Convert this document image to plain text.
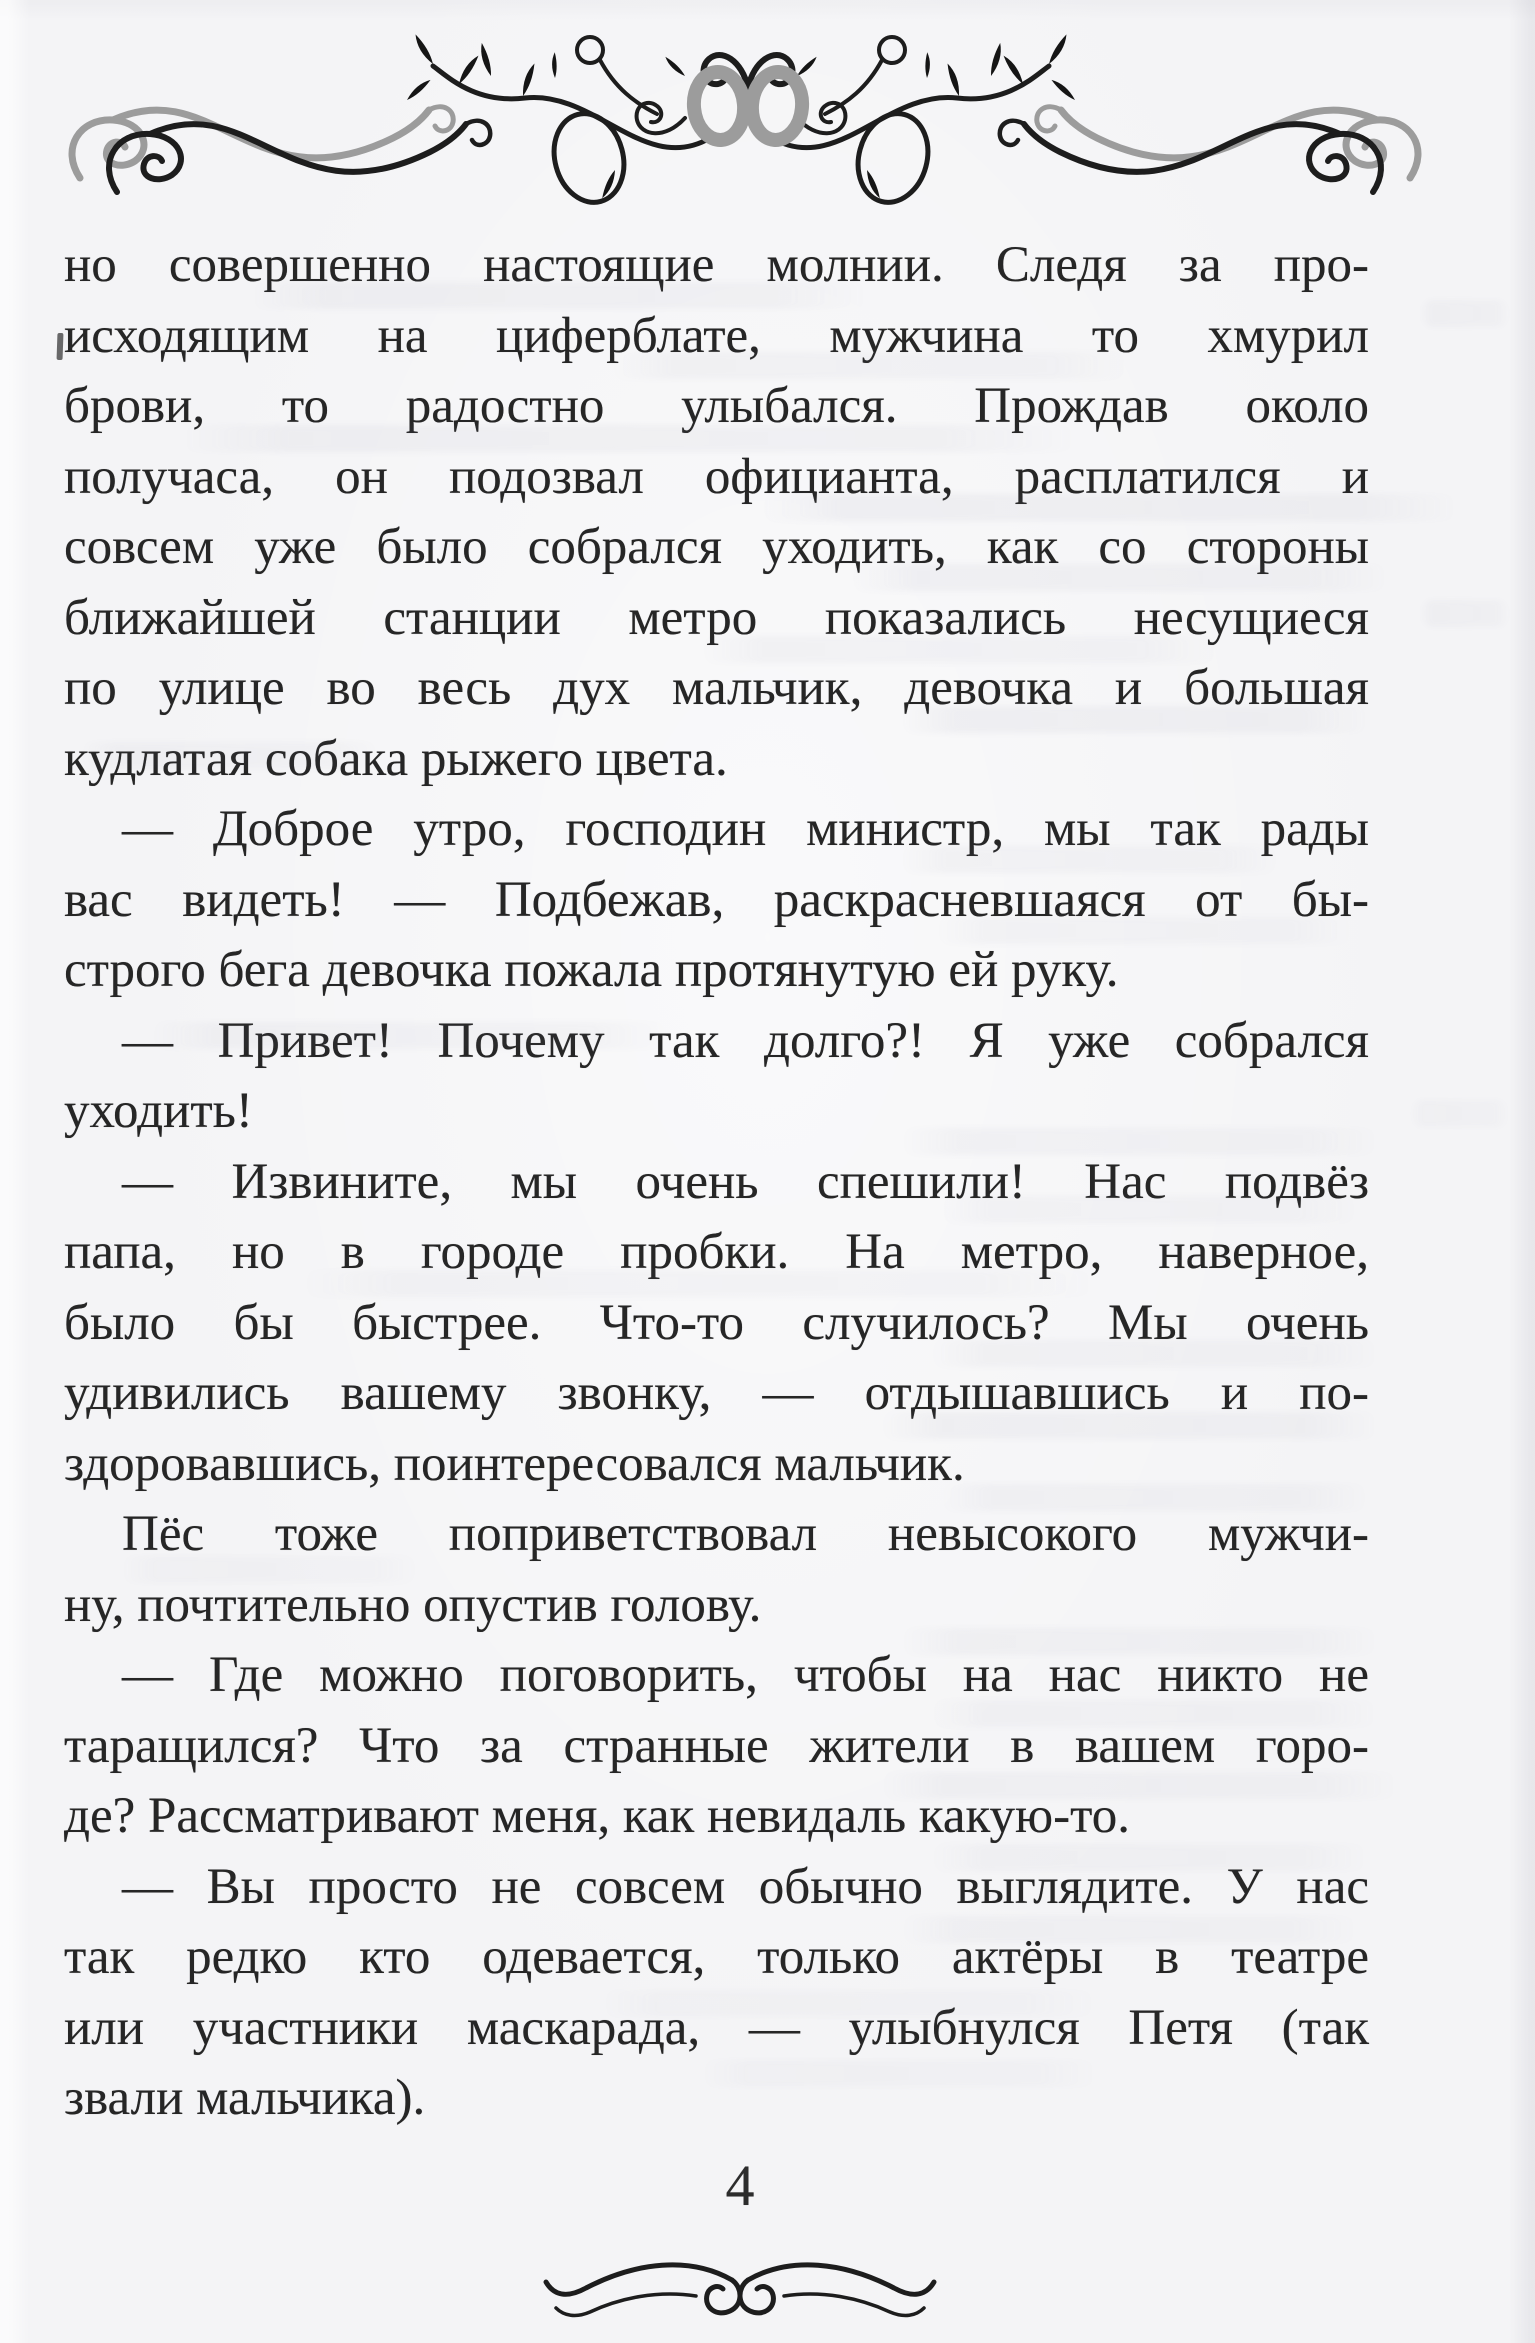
но совершенно настоящие молнии. Следя за про-
исходящим на циферблате, мужчина то хмурил
брови, то радостно улыбался. Прождав около
получаса, он подозвал официанта, расплатился и
совсем уже было собрался уходить, как со стороны
ближайшей станции метро показались несущиеся
по улице во весь дух мальчик, девочка и большая
кудлатая собака рыжего цвета.
— Доброе утро, господин министр, мы так рады
вас видеть! — Подбежав, раскрасневшаяся от бы-
строго бега девочка пожала протянутую ей руку.
— Привет! Почему так долго?! Я уже собрался
уходить!
— Извините, мы очень спешили! Нас подвёз
папа, но в городе пробки. На метро, наверное,
было бы быстрее. Что-то случилось? Мы очень
удивились вашему звонку, — отдышавшись и по-
здоровавшись, поинтересовался мальчик.
Пёс тоже поприветствовал невысокого мужчи-
ну, почтительно опустив голову.
— Где можно поговорить, чтобы на нас никто не
таращился? Что за странные жители в вашем горо-
де? Рассматривают меня, как невидаль какую-то.
— Вы просто не совсем обычно выглядите. У нас
так редко кто одевается, только актёры в театре
или участники маскарада, — улыбнулся Петя (так
звали мальчика).
4
